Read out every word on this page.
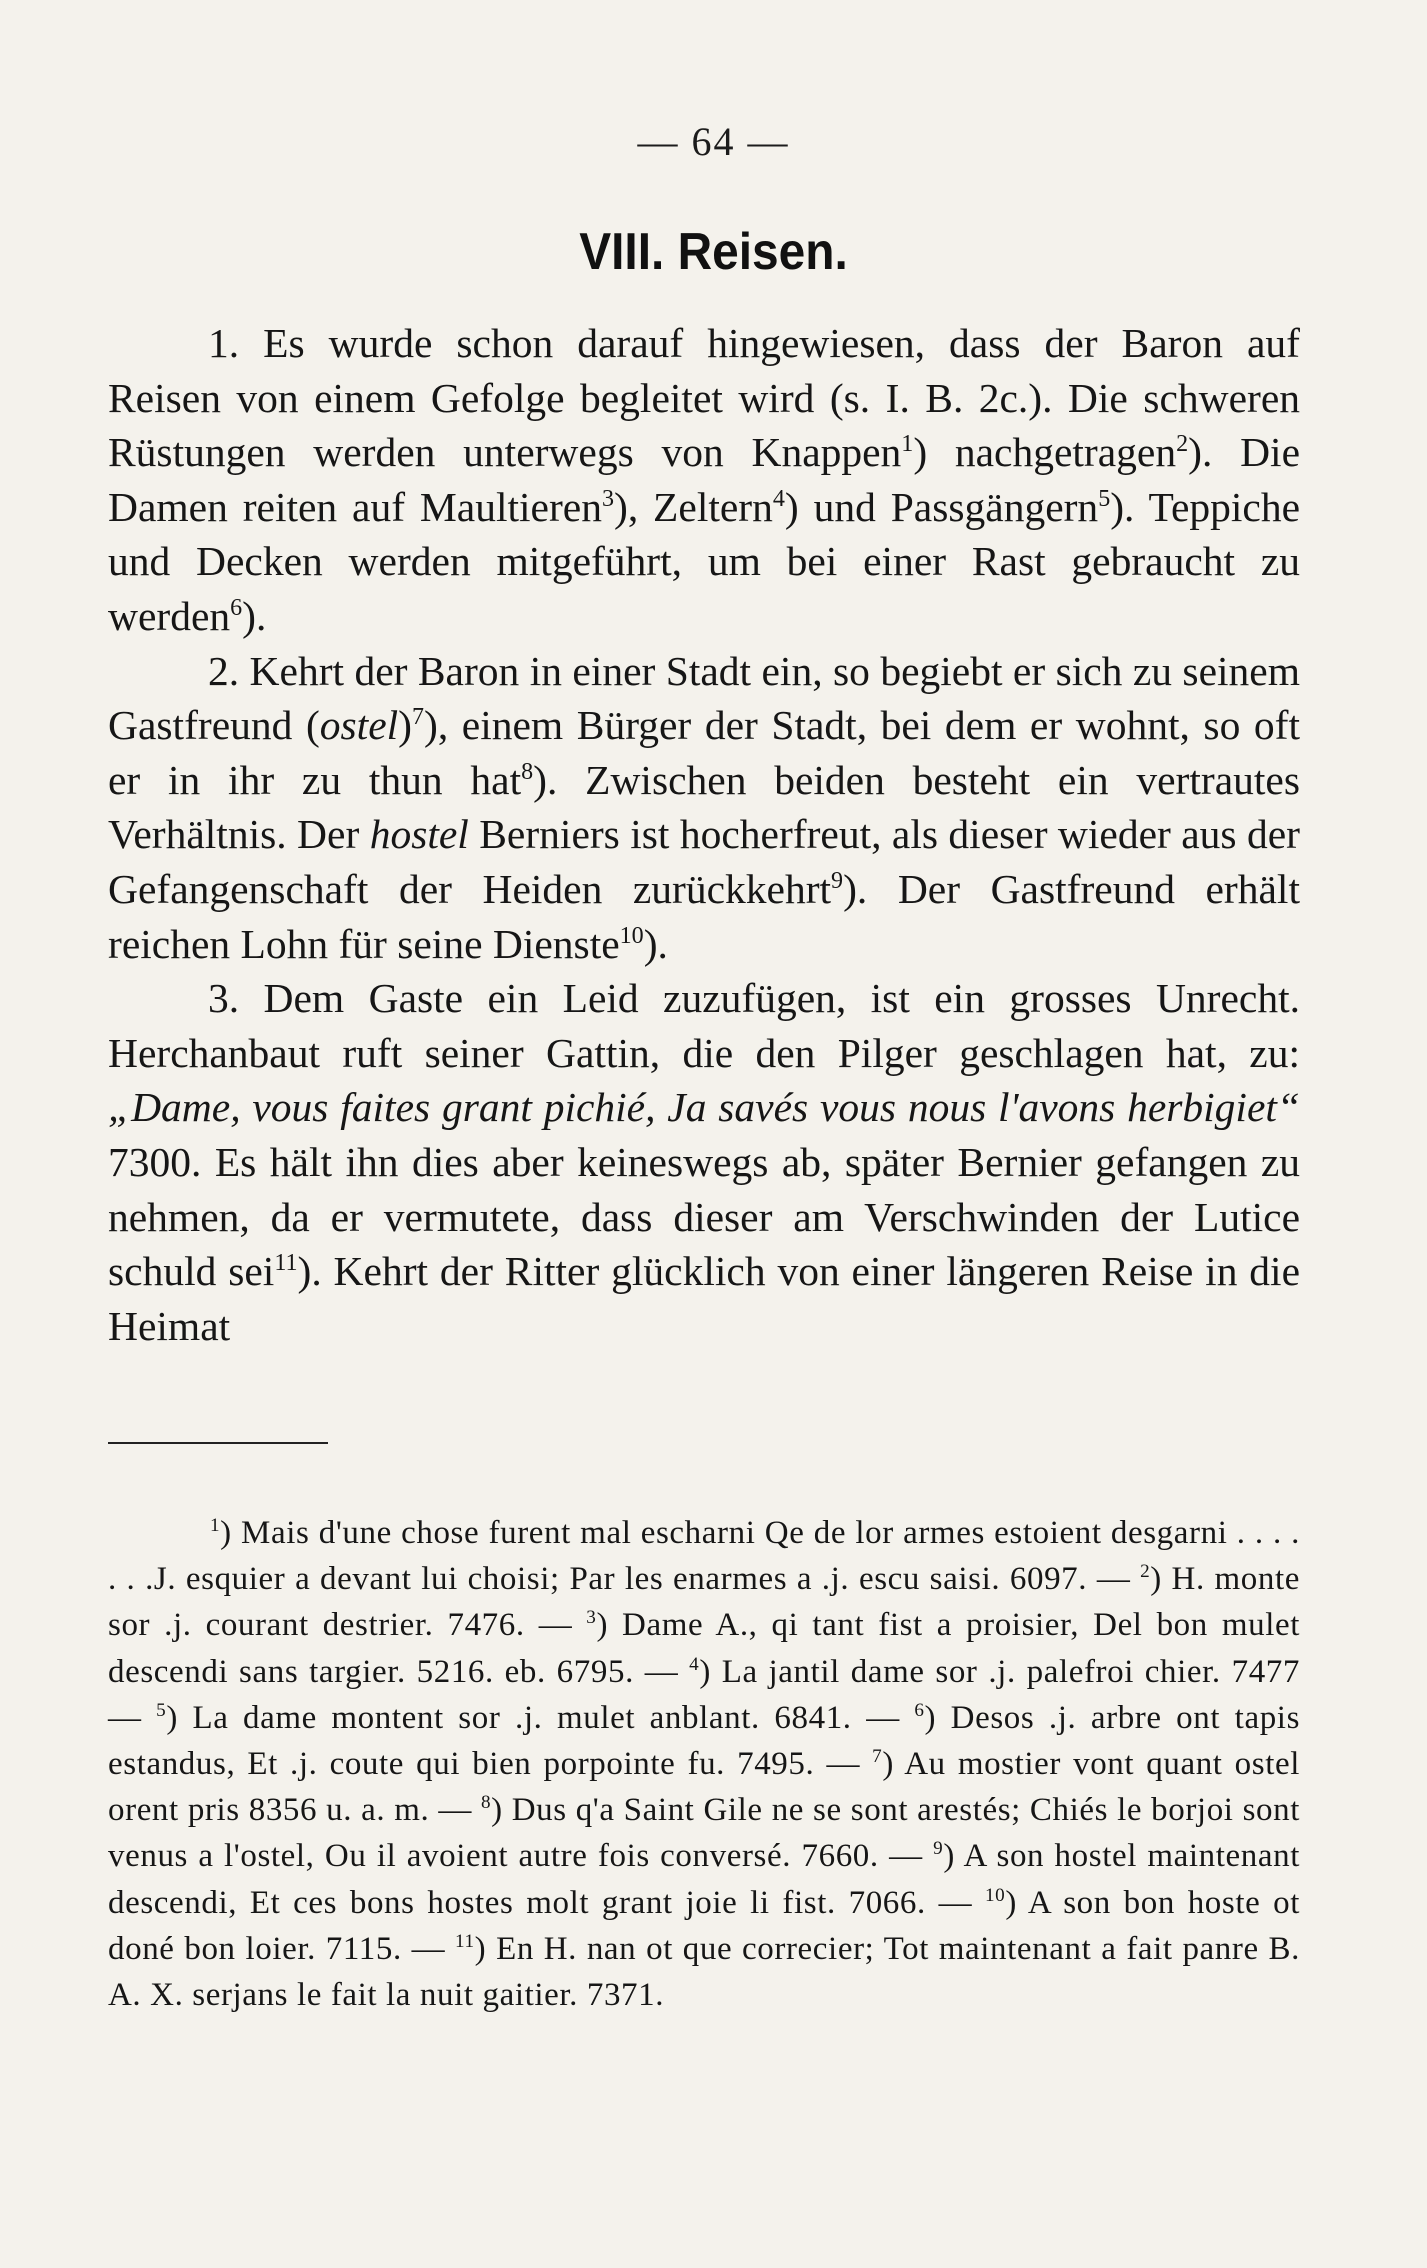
— 64 —
VIII. Reisen.

1. Es wurde schon darauf hingewiesen, dass der Baron auf Reisen von einem Gefolge begleitet wird (s. I. B. 2c.). Die schweren Rüstungen werden unterwegs von Knappen$^1$) nachgetragen$^2$). Die Damen reiten auf Maultieren$^3$), Zeltern$^4$) und Passgängern$^5$). Teppiche und Decken werden mitgeführt, um bei einer Rast gebraucht zu werden$^6$).

2. Kehrt der Baron in einer Stadt ein, so begiebt er sich zu seinem Gastfreund (ostel)$^7$), einem Bürger der Stadt, bei dem er wohnt, so oft er in ihr zu thun hat$^8$). Zwischen beiden besteht ein vertrautes Verhältnis. Der hostel Berniers ist hocherfreut, als dieser wieder aus der Gefangenschaft der Heiden zurückkehrt$^9$). Der Gastfreund erhält reichen Lohn für seine Dienste$^{10}$).

3. Dem Gaste ein Leid zuzufügen, ist ein grosses Unrecht. Herchanbaut ruft seiner Gattin, die den Pilger geschlagen hat, zu: „Dame, vous faites grant pichié, Ja savés vous nous l'avons herbigiet“ 7300. Es hält ihn dies aber keineswegs ab, später Bernier gefangen zu nehmen, da er vermutete, dass dieser am Verschwinden der Lutice schuld sei$^{11}$). Kehrt der Ritter glücklich von einer längeren Reise in die Heimat

$^1$) Mais d'une chose furent mal escharni Qe de lor armes estoient desgarni . . . . . . .J. esquier a devant lui choisi; Par les enarmes a .j. escu saisi. 6097. — $^2$) H. monte sor .j. courant destrier. 7476. — $^3$) Dame A., qi tant fist a proisier, Del bon mulet descendi sans targier. 5216. eb. 6795. — $^4$) La jantil dame sor .j. palefroi chier. 7477 — $^5$) La dame montent sor .j. mulet anblant. 6841. — $^6$) Desos .j. arbre ont tapis estandus, Et .j. coute qui bien porpointe fu. 7495. — $^7$) Au mostier vont quant ostel orent pris 8356 u. a. m. — $^8$) Dus q'a Saint Gile ne se sont arestés; Chiés le borjoi sont venus a l'ostel, Ou il avoient autre fois conversé. 7660. — $^9$) A son hostel maintenant descendi, Et ces bons hostes molt grant joie li fist. 7066. — $^{10}$) A son bon hoste ot doné bon loier. 7115. — $^{11}$) En H. nan ot que correcier; Tot maintenant a fait panre B. A. X. serjans le fait la nuit gaitier. 7371.
